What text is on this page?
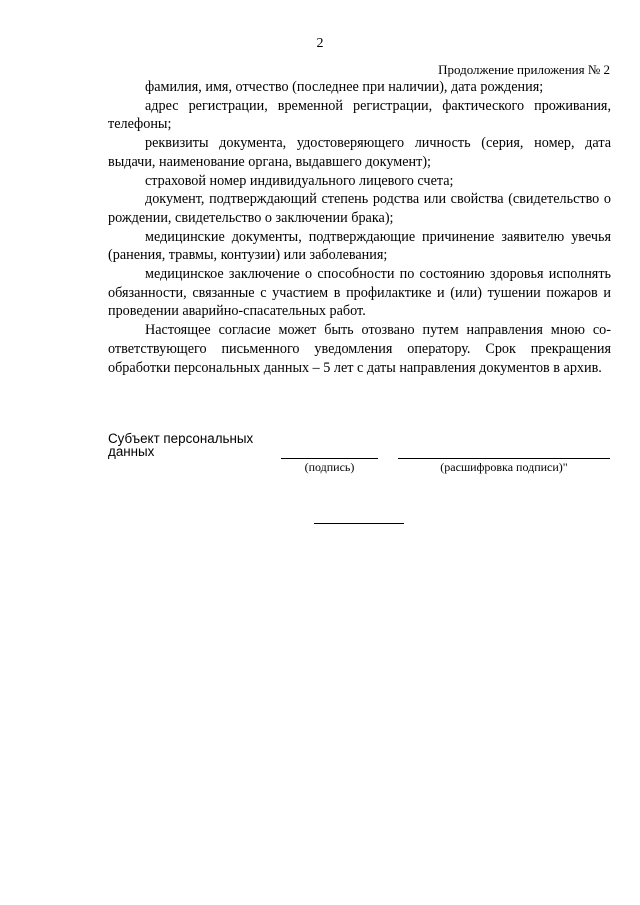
2
Продолжение приложения № 2

фамилия, имя, отчество (последнее при наличии), дата рождения;

адрес регистрации, временной регистрации, фактического проживания, телефоны;

реквизиты документа, удостоверяющего личность (серия, номер, дата выдачи, наименование органа, выдавшего документ);

страховой номер индивидуального лицевого счета;

документ, подтверждающий степень родства или свойства (свидетельство о рождении, свидетельство о заключении брака);

медицинские документы, подтверждающие причинение заявителю увечья (ранения, травмы, контузии) или заболевания;

медицинское заключение о способности по состоянию здоровья исполнять обязанности, связанные с участием в профилактике и (или) тушении пожаров и проведении аварийно-спасательных работ.

Настоящее согласие может быть отозвано путем направления мною соответствующего письменного уведомления оператору. Срок прекращения обработки персональных данных – 5 лет с даты направления документов в архив.

Субъект персональных
данных
(подпись)	(расшифровка подписи)"
